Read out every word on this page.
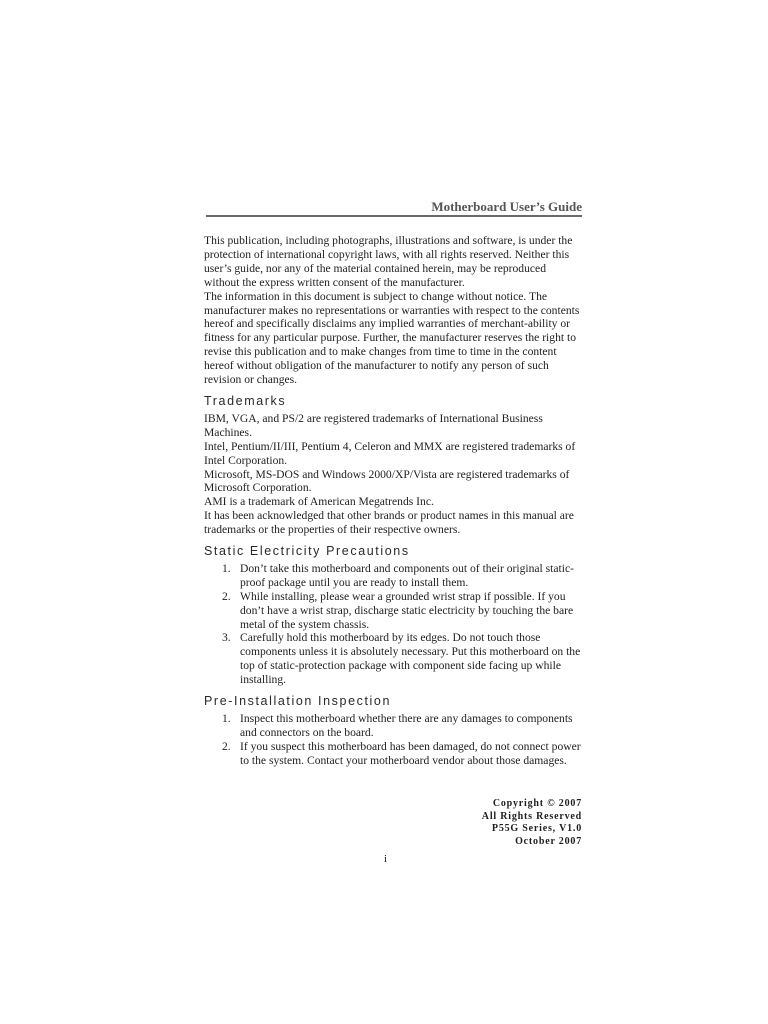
Motherboard User’s Guide

This publication, including photographs, illustrations and software, is under the protection of international copyright laws, with all rights reserved. Neither this user’s guide, nor any of the material contained herein, may be reproduced without the express written consent of the manufacturer.

The information in this document is subject to change without notice. The manufacturer makes no representations or warranties with respect to the contents hereof and specifically disclaims any implied warranties of merchant-ability or fitness for any particular purpose. Further, the manufacturer reserves the right to revise this publication and to make changes from time to time in the content hereof without obligation of the manufacturer to notify any person of such revision or changes.

Trademarks

IBM, VGA, and PS/2 are registered trademarks of International Business Machines.

Intel, Pentium/II/III, Pentium 4, Celeron and MMX are registered trademarks of Intel Corporation.

Microsoft, MS-DOS and Windows 2000/XP/Vista are registered trademarks of Microsoft Corporation.

AMI is a trademark of American Megatrends Inc.

It has been acknowledged that other brands or product names in this manual are trademarks or the properties of their respective owners.

Static Electricity Precautions
1. Don’t take this motherboard and components out of their original static-proof package until you are ready to install them.
2. While installing, please wear a grounded wrist strap if possible. If you don’t have a wrist strap, discharge static electricity by touching the bare metal of the system chassis.
3. Carefully hold this motherboard by its edges. Do not touch those components unless it is absolutely necessary. Put this motherboard on the top of static-protection package with component side facing up while installing.
Pre-Installation Inspection
1. Inspect this motherboard whether there are any damages to components and connectors on the board.
2. If you suspect this motherboard has been damaged, do not connect power to the system. Contact your motherboard vendor about those damages.
Copyright © 2007
All Rights Reserved
P55G Series, V1.0
October 2007
i
